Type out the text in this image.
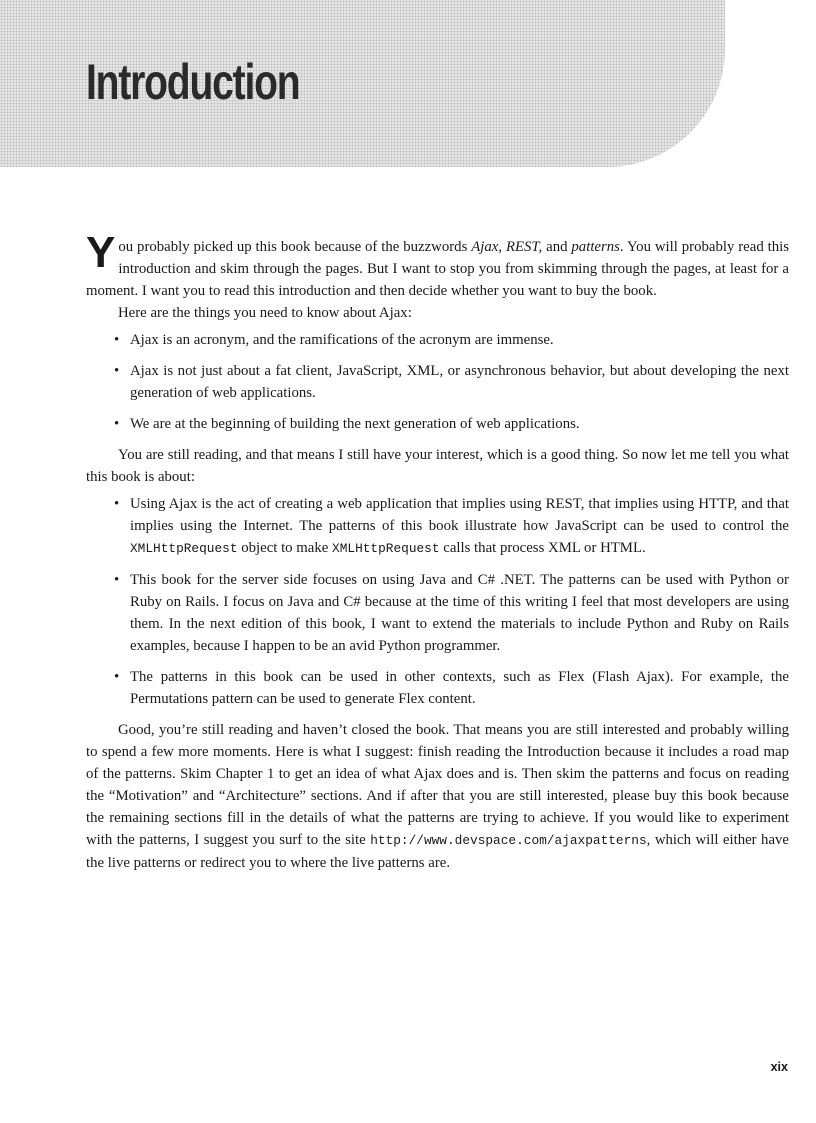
Introduction

You probably picked up this book because of the buzzwords Ajax, REST, and patterns. You will probably read this introduction and skim through the pages. But I want to stop you from skimming through the pages, at least for a moment. I want you to read this introduction and then decide whether you want to buy the book.

Here are the things you need to know about Ajax:

• Ajax is an acronym, and the ramifications of the acronym are immense.
• Ajax is not just about a fat client, JavaScript, XML, or asynchronous behavior, but about developing the next generation of web applications.
• We are at the beginning of building the next generation of web applications.

You are still reading, and that means I still have your interest, which is a good thing. So now let me tell you what this book is about:

• Using Ajax is the act of creating a web application that implies using REST, that implies using HTTP, and that implies using the Internet. The patterns of this book illustrate how JavaScript can be used to control the XMLHttpRequest object to make XMLHttpRequest calls that process XML or HTML.
• This book for the server side focuses on using Java and C# .NET. The patterns can be used with Python or Ruby on Rails. I focus on Java and C# because at the time of this writing I feel that most developers are using them. In the next edition of this book, I want to extend the materials to include Python and Ruby on Rails examples, because I happen to be an avid Python programmer.
• The patterns in this book can be used in other contexts, such as Flex (Flash Ajax). For example, the Permutations pattern can be used to generate Flex content.

Good, you’re still reading and haven’t closed the book. That means you are still interested and probably willing to spend a few more moments. Here is what I suggest: finish reading the Introduction because it includes a road map of the patterns. Skim Chapter 1 to get an idea of what Ajax does and is. Then skim the patterns and focus on reading the “Motivation” and “Architecture” sections. And if after that you are still interested, please buy this book because the remaining sections fill in the details of what the patterns are trying to achieve. If you would like to experiment with the patterns, I suggest you surf to the site http://www.devspace.com/ajaxpatterns, which will either have the live patterns or redirect you to where the live patterns are.

xix
